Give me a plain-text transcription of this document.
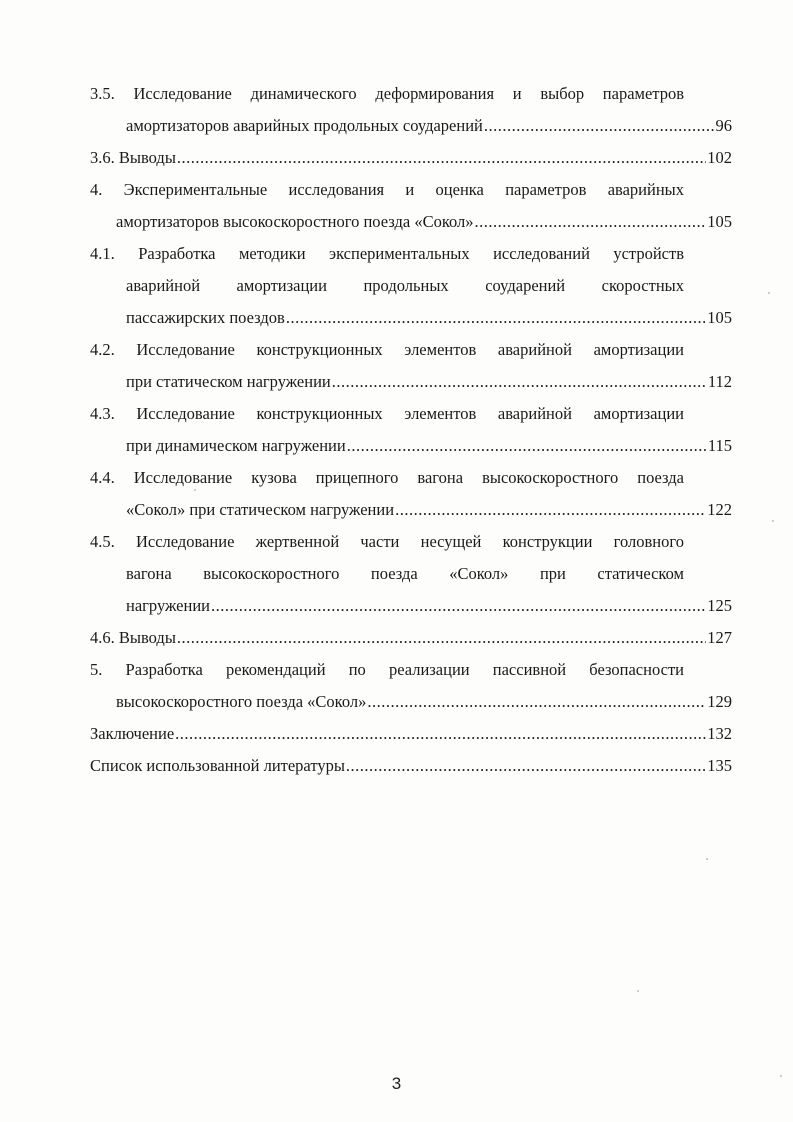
3.5. Исследование динамического деформирования и выбор параметров
амортизаторов аварийных продольных соударений .....	96
3.6. Выводы .....	102
4. Экспериментальные исследования и оценка параметров аварийных
амортизаторов высокоскоростного поезда «Сокол» .....	105
4.1. Разработка методики экспериментальных исследований устройств
аварийной амортизации продольных соударений скоростных
пассажирских поездов .....	105
4.2. Исследование конструкционных элементов аварийной амортизации
при статическом нагружении .....	112
4.3. Исследование конструкционных элементов аварийной амортизации
при динамическом нагружении .....	115
4.4. Исследование кузова прицепного вагона высокоскоростного поезда
«Сокол» при статическом нагружении .....	122
4.5. Исследование жертвенной части несущей конструкции головного
вагона высокоскоростного поезда «Сокол» при статическом
нагружении .....	125
4.6. Выводы .....	127
5. Разработка рекомендаций по реализации пассивной безопасности
высокоскоростного поезда «Сокол» .....	129
Заключение .....	132
Список использованной литературы .....	135
3
